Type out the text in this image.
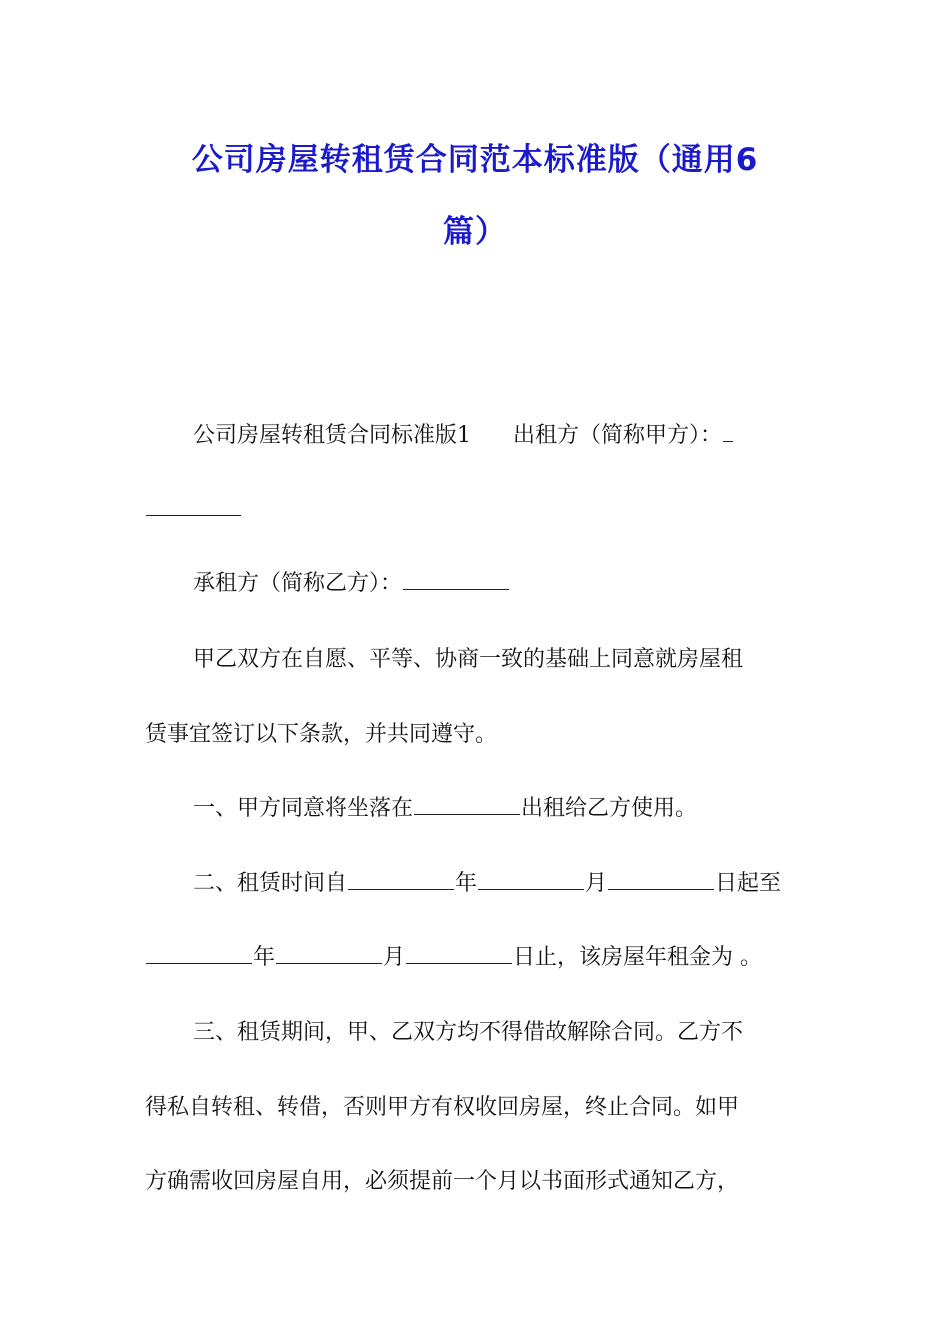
公司房屋转租赁合同范本标准版（通用6
篇）
公司房屋转租赁合同标准版1 出租方（简称甲方）：
承租方（简称乙方）：
甲乙双方在自愿、平等、协商一致的基础上同意就房屋租
赁事宜签订以下条款，并共同遵守。
一、甲方同意将坐落在	出租给乙方使用。
二、租赁时间自	年	月	日起至
年	月	日止，该房屋年租金为 。
三、租赁期间，甲、乙双方均不得借故解除合同。乙方不
得私自转租、转借，否则甲方有权收回房屋，终止合同。如甲
方确需收回房屋自用，必须提前一个月以书面形式通知乙方，
